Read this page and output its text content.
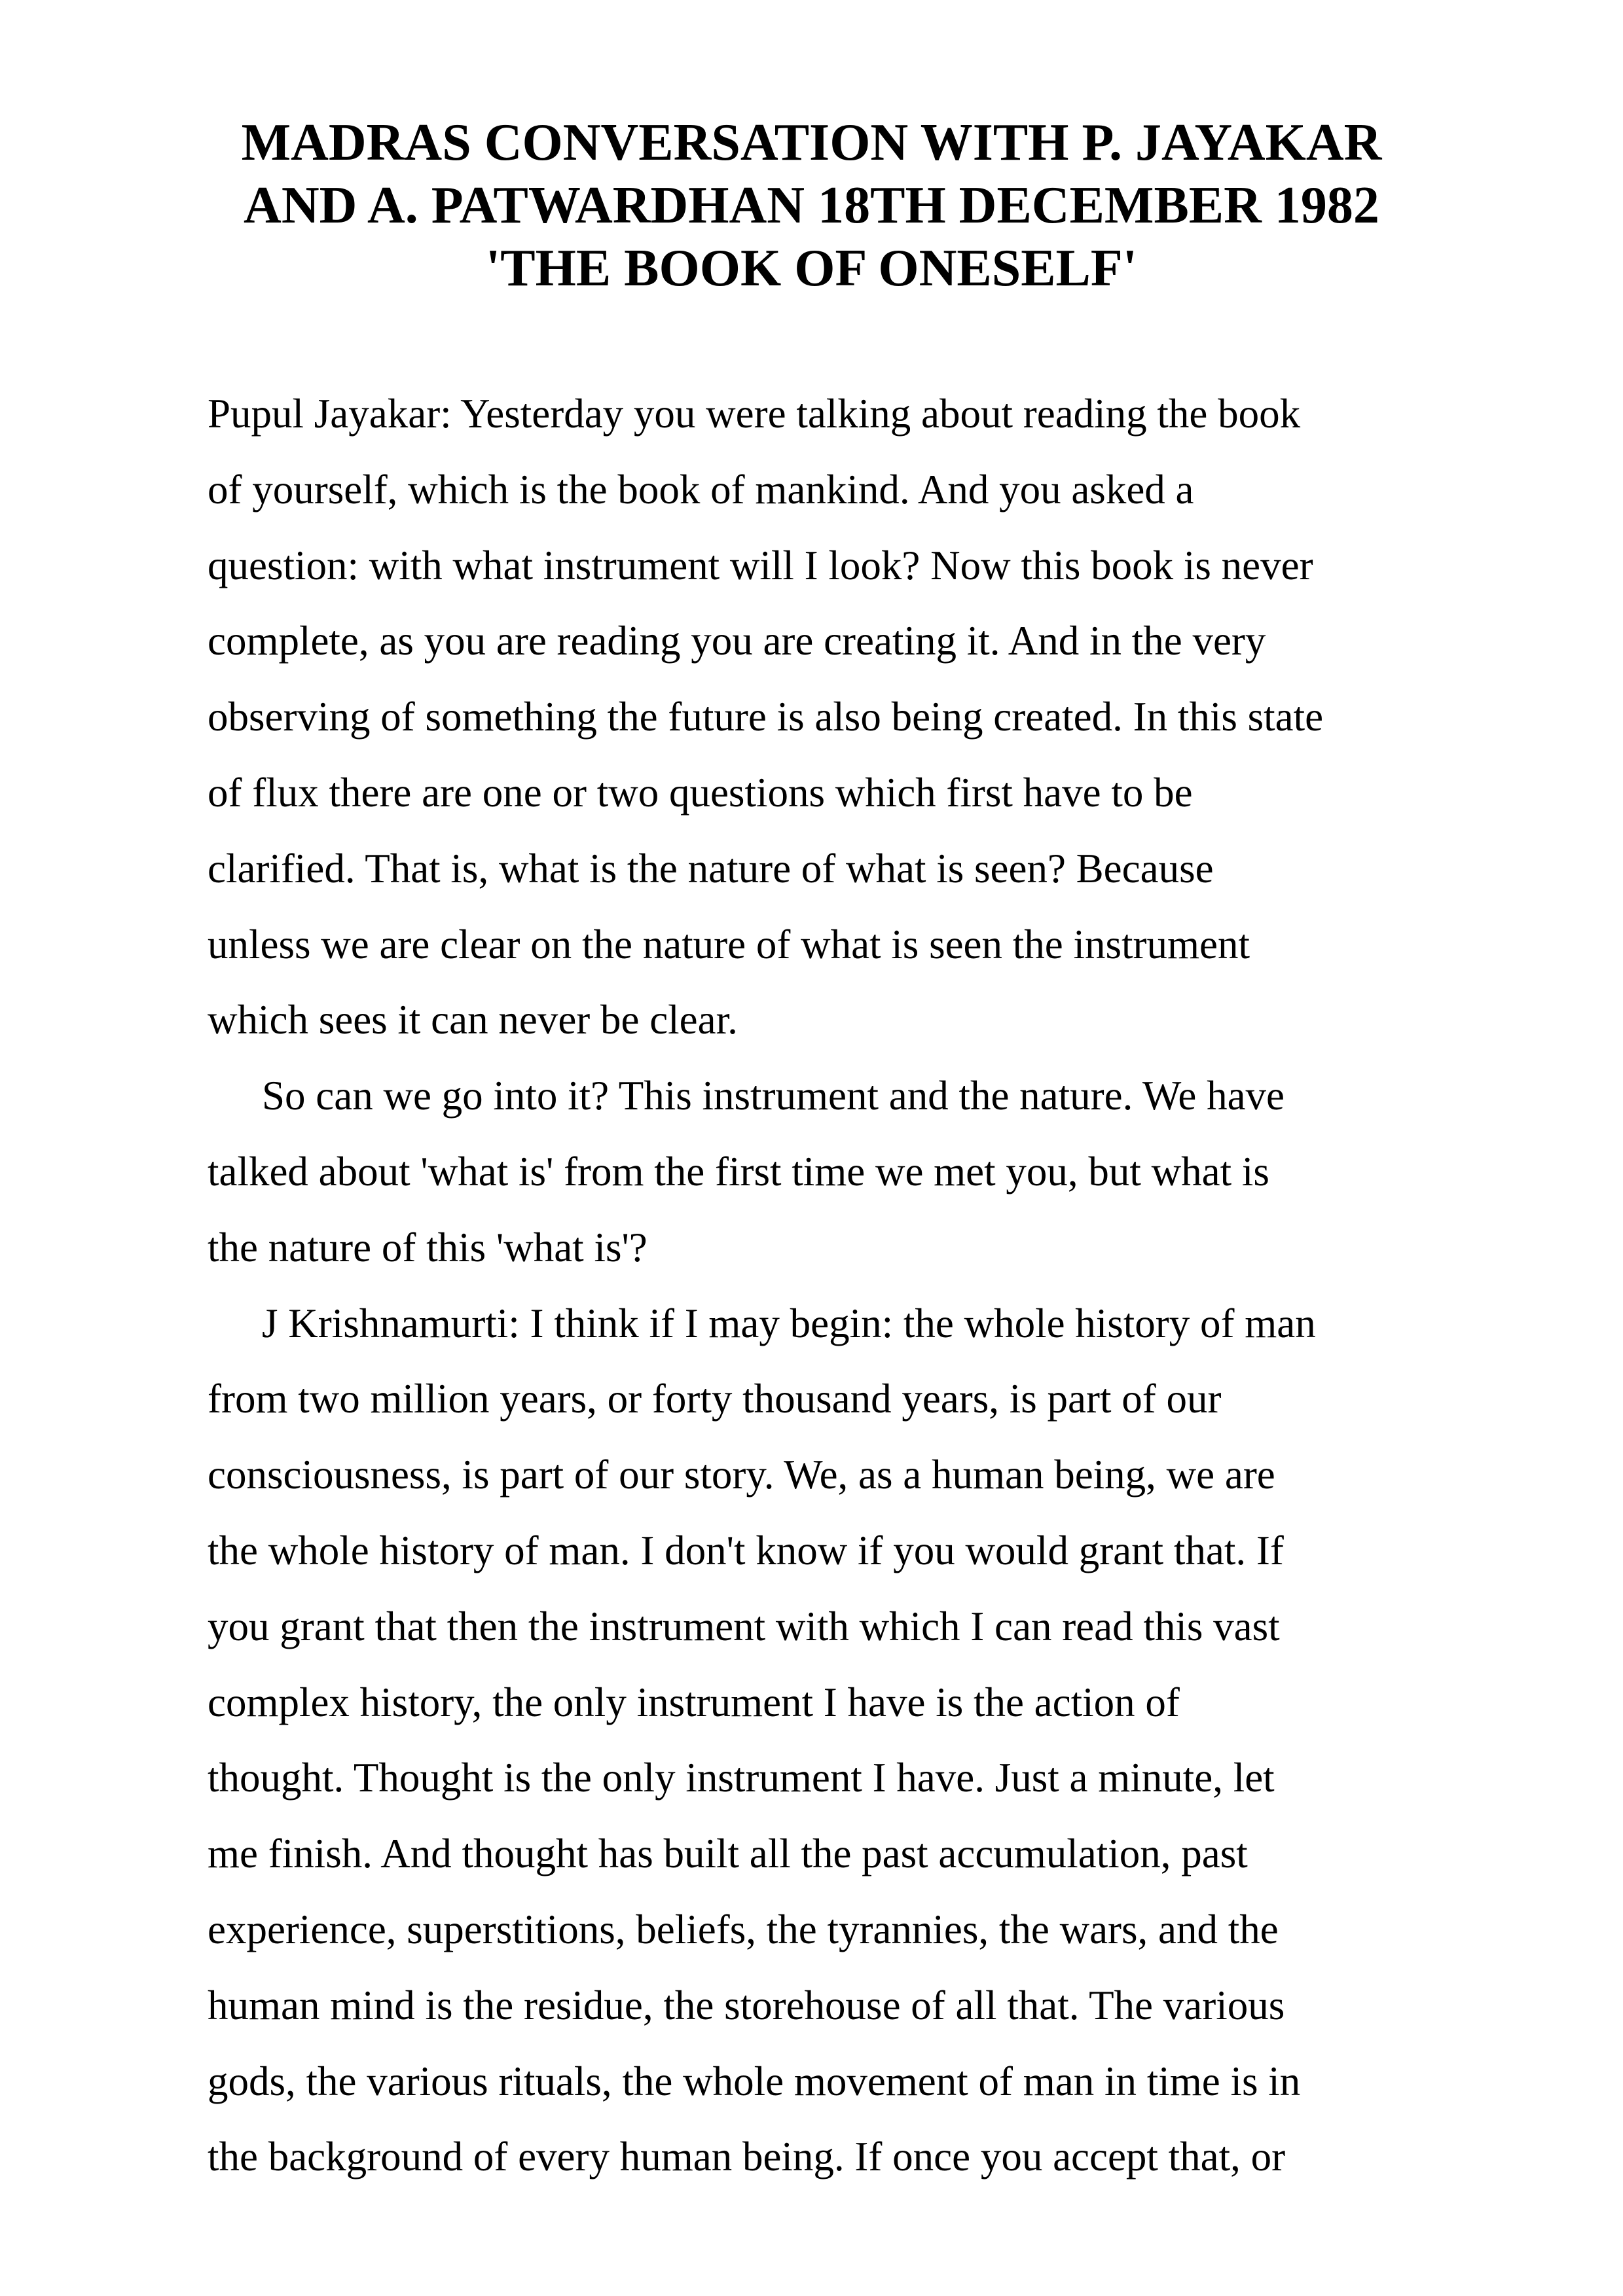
MADRAS CONVERSATION WITH P. JAYAKAR
AND A. PATWARDHAN 18TH DECEMBER 1982
'THE BOOK OF ONESELF'
Pupul Jayakar: Yesterday you were talking about reading the book
of yourself, which is the book of mankind. And you asked a
question: with what instrument will I look? Now this book is never
complete, as you are reading you are creating it. And in the very
observing of something the future is also being created. In this state
of flux there are one or two questions which first have to be
clarified. That is, what is the nature of what is seen? Because
unless we are clear on the nature of what is seen the instrument
which sees it can never be clear.
So can we go into it? This instrument and the nature. We have
talked about 'what is' from the first time we met you, but what is
the nature of this 'what is'?
J Krishnamurti: I think if I may begin: the whole history of man
from two million years, or forty thousand years, is part of our
consciousness, is part of our story. We, as a human being, we are
the whole history of man. I don't know if you would grant that. If
you grant that then the instrument with which I can read this vast
complex history, the only instrument I have is the action of
thought. Thought is the only instrument I have. Just a minute, let
me finish. And thought has built all the past accumulation, past
experience, superstitions, beliefs, the tyrannies, the wars, and the
human mind is the residue, the storehouse of all that. The various
gods, the various rituals, the whole movement of man in time is in
the background of every human being. If once you accept that, or
